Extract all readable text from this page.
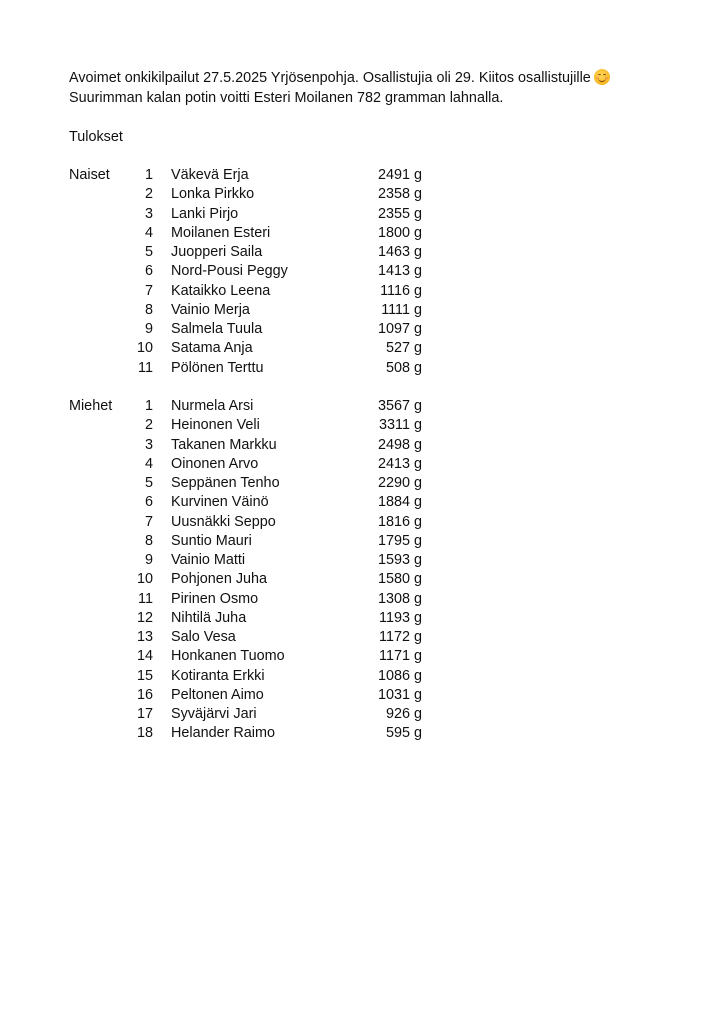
Avoimet onkikilpailut 27.5.2025 Yrjösenpohja. Osallistujia oli 29. Kiitos osallistujille

Suurimman kalan potin voitti Esteri Moilanen 782 gramman lahnalla.

Tulokset
Naiset	1 Väkevä Erja	2491 g
2 Lonka Pirkko	2358 g
3 Lanki Pirjo	2355 g
4 Moilanen Esteri	1800 g
5 Juopperi Saila	1463 g
6 Nord-Pousi Peggy	1413 g
7 Kataikko Leena	1116 g
8 Vainio Merja	1111 g
9 Salmela Tuula	1097 g
10 Satama Anja	527 g
11 Pölönen Terttu	508 g
Miehet	1 Nurmela Arsi	3567 g
2 Heinonen Veli	3311 g
3 Takanen Markku	2498 g
4 Oinonen Arvo	2413 g
5 Seppänen Tenho	2290 g
6 Kurvinen Väinö	1884 g
7 Uusnäkki Seppo	1816 g
8 Suntio Mauri	1795 g
9 Vainio Matti	1593 g
10 Pohjonen Juha	1580 g
11 Pirinen Osmo	1308 g
12 Nihtilä Juha	1193 g
13 Salo Vesa	1172 g
14 Honkanen Tuomo	1171 g
15 Kotiranta Erkki	1086 g
16 Peltonen Aimo	1031 g
17 Syväjärvi Jari	926 g
18 Helander Raimo	595 g
